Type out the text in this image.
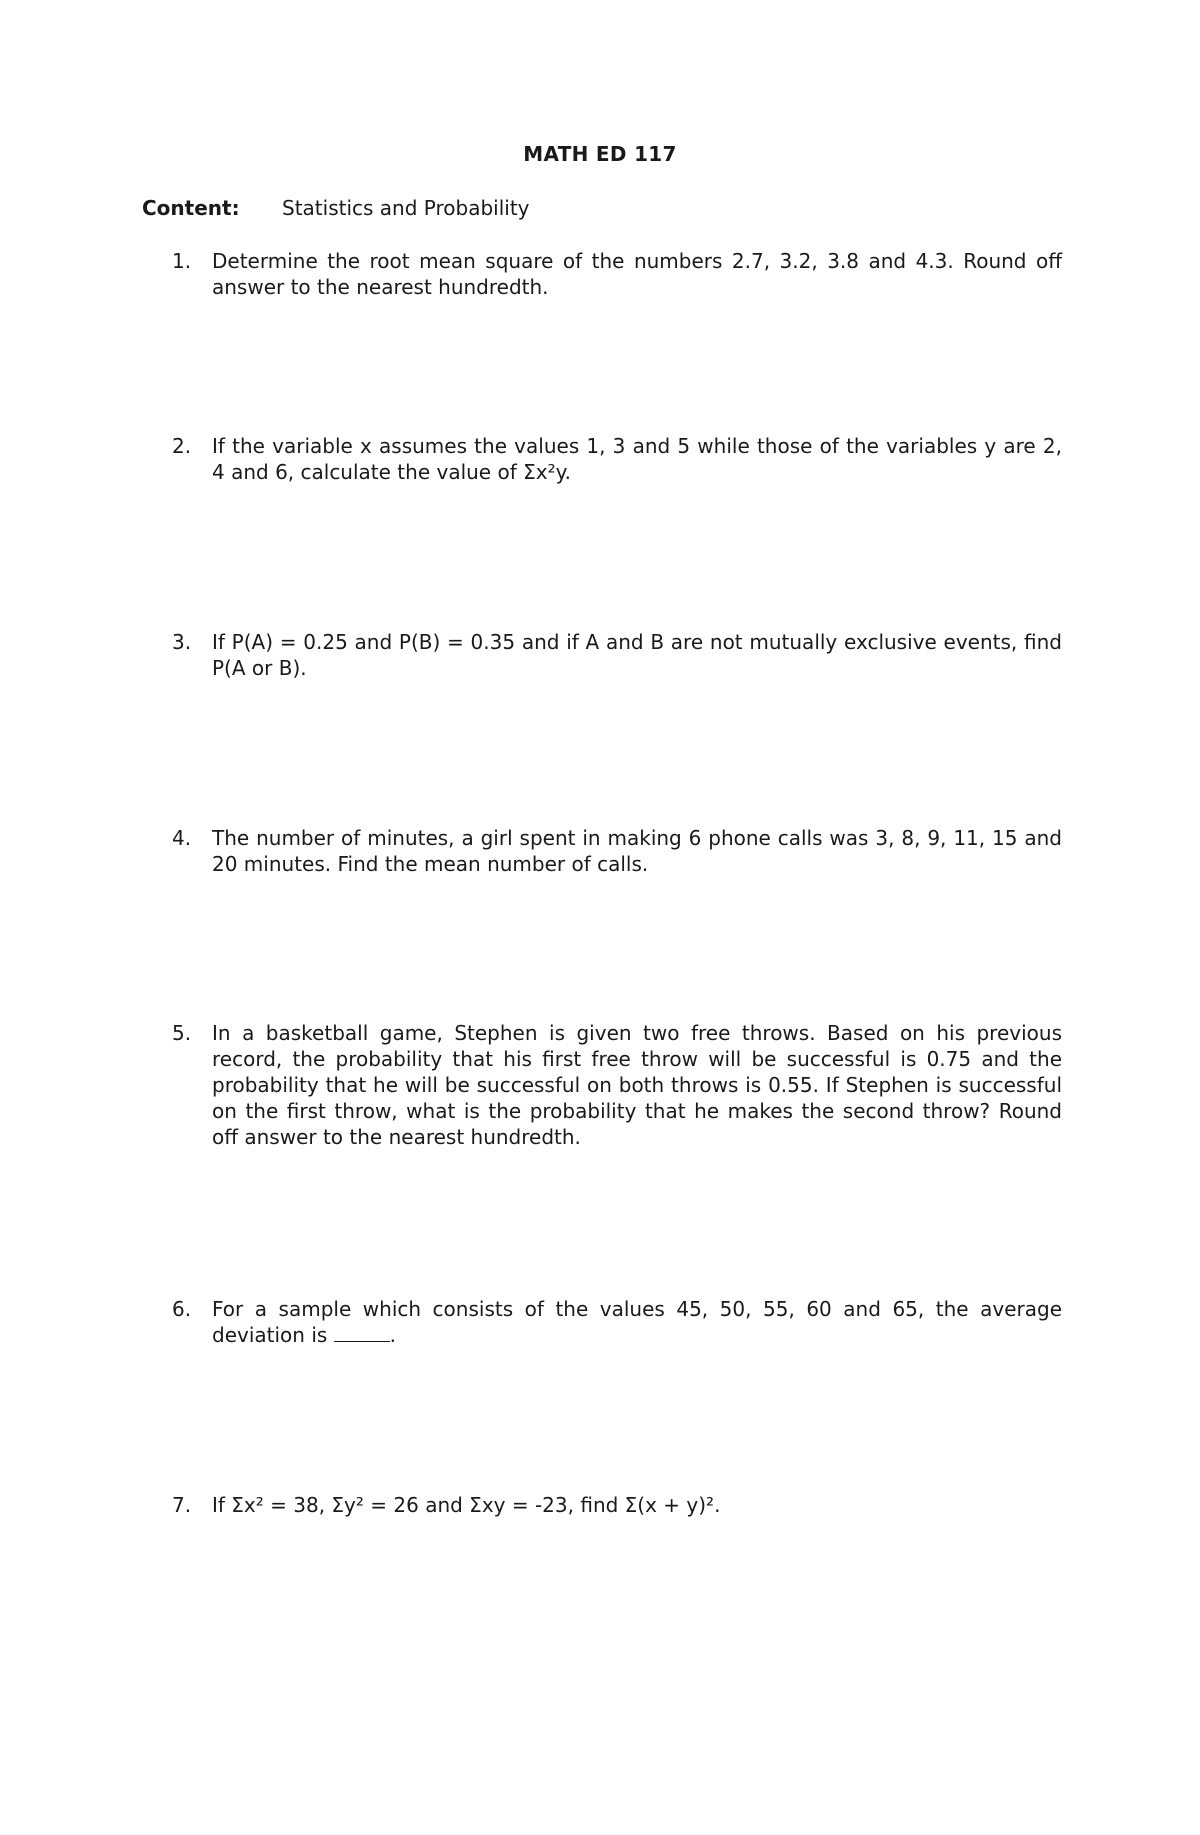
MATH ED 117
Content: Statistics and Probability
1.	Determine the root mean square of the numbers 2.7, 3.2, 3.8 and 4.3. Round off answer to the nearest hundredth.
2.	If the variable x assumes the values 1, 3 and 5 while those of the variables y are 2, 4 and 6, calculate the value of Σx²y.
3.	If P(A) = 0.25 and P(B) = 0.35 and if A and B are not mutually exclusive events, find P(A or B).
4.	The number of minutes, a girl spent in making 6 phone calls was 3, 8, 9, 11, 15 and 20 minutes. Find the mean number of calls.
5.	In a basketball game, Stephen is given two free throws. Based on his previous record, the probability that his first free throw will be successful is 0.75 and the probability that he will be successful on both throws is 0.55. If Stephen is successful on the first throw, what is the probability that he makes the second throw? Round off answer to the nearest hundredth.
6.	For a sample which consists of the values 45, 50, 55, 60 and 65, the average deviation is	.
7.	If Σx² = 38, Σy² = 26 and Σxy = -23, find Σ(x + y)².
